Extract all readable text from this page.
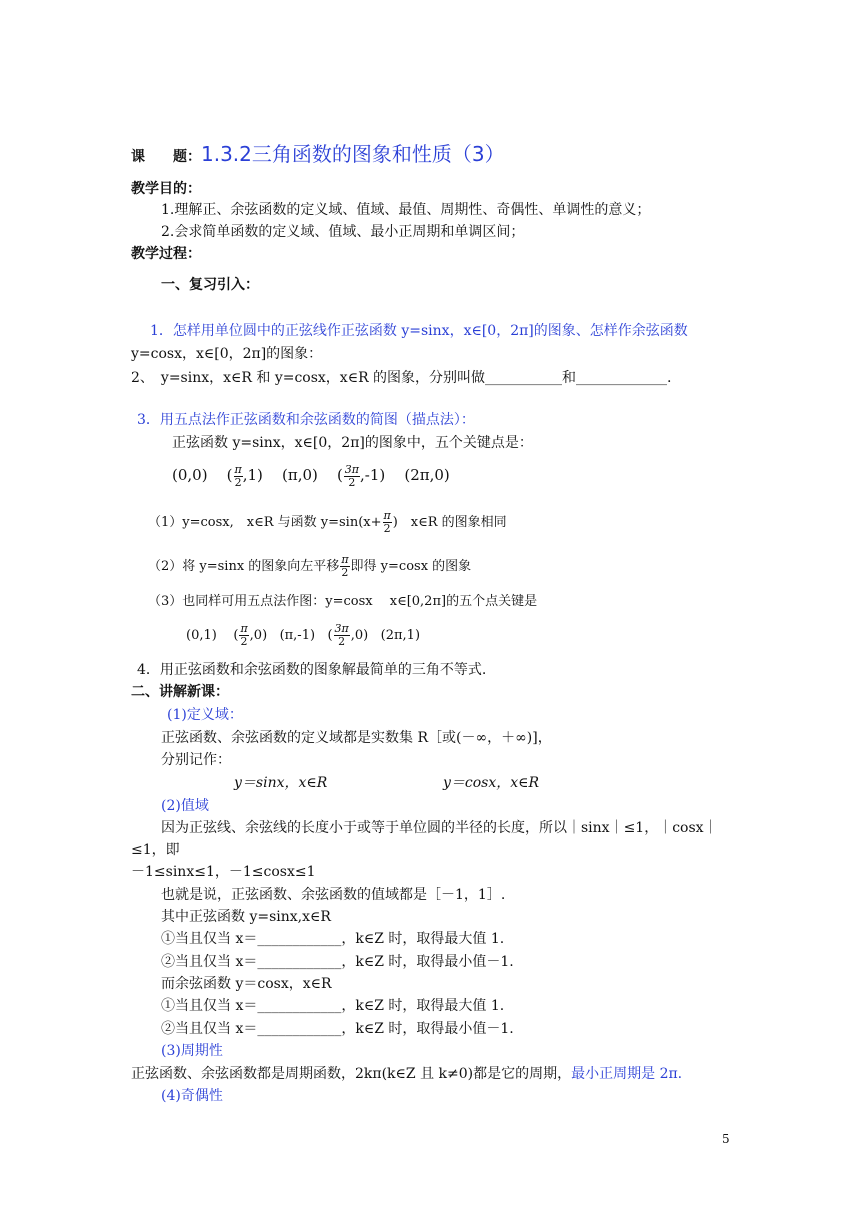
课　　题：1.3.2三角函数的图象和性质（3）
教学目的：
1.理解正、余弦函数的定义域、值域、最值、周期性、奇偶性、单调性的意义；
2.会求简单函数的定义域、值域、最小正周期和单调区间；
教学过程：
一、复习引入：
1．怎样用单位圆中的正弦线作正弦函数 y=sinx，x∈[0，2π]的图象、怎样作余弦函数
y=cosx，x∈[0，2π]的图象：
2、　y=sinx，x∈R 和 y=cosx，x∈R 的图象，分别叫做___________和_____________.
3．用五点法作正弦函数和余弦函数的简图（描点法）：
正弦函数 y=sinx，x∈[0，2π]的图象中，五个关键点是：
(0,0) ( $\frac{\pi}{2} ,1$) (π,0) ( $\frac{3\pi}{2} ,-1$) (2π,0)
（1）y=cosx,　x∈R 与函数 $y=\sin(x+ \frac{\pi}{2}$ )　x∈R 的图象相同
（2）将 y=sinx 的图象向左平移 $\frac{\pi}{2}$ 即得 y=cosx 的图象
（3）也同样可用五点法作图：y=cosx　 x∈[0,2π]的五个点关键是
(0,1) ( $\frac{\pi}{2} ,0$) (π,-1) ( $\frac{3\pi}{2} ,0$) (2π,1)
4．用正弦函数和余弦函数的图象解最简单的三角不等式.
二、讲解新课：
(1)定义域：
正弦函数、余弦函数的定义域都是实数集 R［或(－∞，＋∞)]，
分别记作：
y＝sinx，x∈R	y＝cosx，x∈R
(2)值域
因为正弦线、余弦线的长度小于或等于单位圆的半径的长度，所以｜sinx｜≤1，｜cosx｜
≤1，即
－1≤sinx≤1，－1≤cosx≤1
也就是说，正弦函数、余弦函数的值域都是［－1，1］.
其中正弦函数 y=sinx,x∈R
①当且仅当 x＝____________，k∈Z 时，取得最大值 1.
②当且仅当 x＝____________，k∈Z 时，取得最小值－1.
而余弦函数 y＝cosx，x∈R
①当且仅当 x＝____________，k∈Z 时，取得最大值 1.
②当且仅当 x＝____________，k∈Z 时，取得最小值－1.
(3)周期性
正弦函数、余弦函数都是周期函数，2kπ(k∈Z 且 k≠0)都是它的周期，最小正周期是 2π.
(4)奇偶性
5
